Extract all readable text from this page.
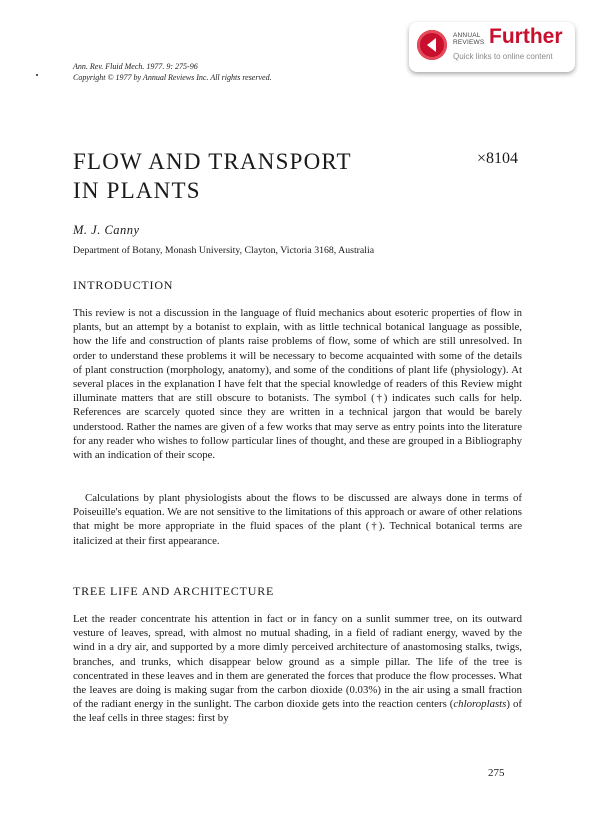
ANNUAL
REVIEWS Further
Quick links to online content
Ann. Rev. Fluid Mech. 1977. 9: 275-96
Copyright © 1977 by Annual Reviews Inc. All rights reserved.
FLOW AND TRANSPORT
IN PLANTS
×8104
M. J. Canny
Department of Botany, Monash University, Clayton, Victoria 3168, Australia
INTRODUCTION

This review is not a discussion in the language of fluid mechanics about esoteric properties of flow in plants, but an attempt by a botanist to explain, with as little technical botanical language as possible, how the life and construction of plants raise problems of flow, some of which are still unresolved. In order to understand these problems it will be necessary to become acquainted with some of the details of plant construction (morphology, anatomy), and some of the conditions of plant life (physiology). At several places in the explanation I have felt that the special knowledge of readers of this Review might illuminate matters that are still obscure to botanists. The symbol (†) indicates such calls for help. References are scarcely quoted since they are written in a technical jargon that would be barely understood. Rather the names are given of a few works that may serve as entry points into the literature for any reader who wishes to follow particular lines of thought, and these are grouped in a Bibliography with an indication of their scope.

Calculations by plant physiologists about the flows to be discussed are always done in terms of Poiseuille's equation. We are not sensitive to the limitations of this approach or aware of other relations that might be more appropriate in the fluid spaces of the plant (†). Technical botanical terms are italicized at their first appearance.

TREE LIFE AND ARCHITECTURE

Let the reader concentrate his attention in fact or in fancy on a sunlit summer tree, on its outward vesture of leaves, spread, with almost no mutual shading, in a field of radiant energy, waved by the wind in a dry air, and supported by a more dimly perceived architecture of anastomosing stalks, twigs, branches, and trunks, which disappear below ground as a simple pillar. The life of the tree is concentrated in these leaves and in them are generated the forces that produce the flow processes. What the leaves are doing is making sugar from the carbon dioxide (0.03%) in the air using a small fraction of the radiant energy in the sunlight. The carbon dioxide gets into the reaction centers (chloroplasts) of the leaf cells in three stages: first by

275
